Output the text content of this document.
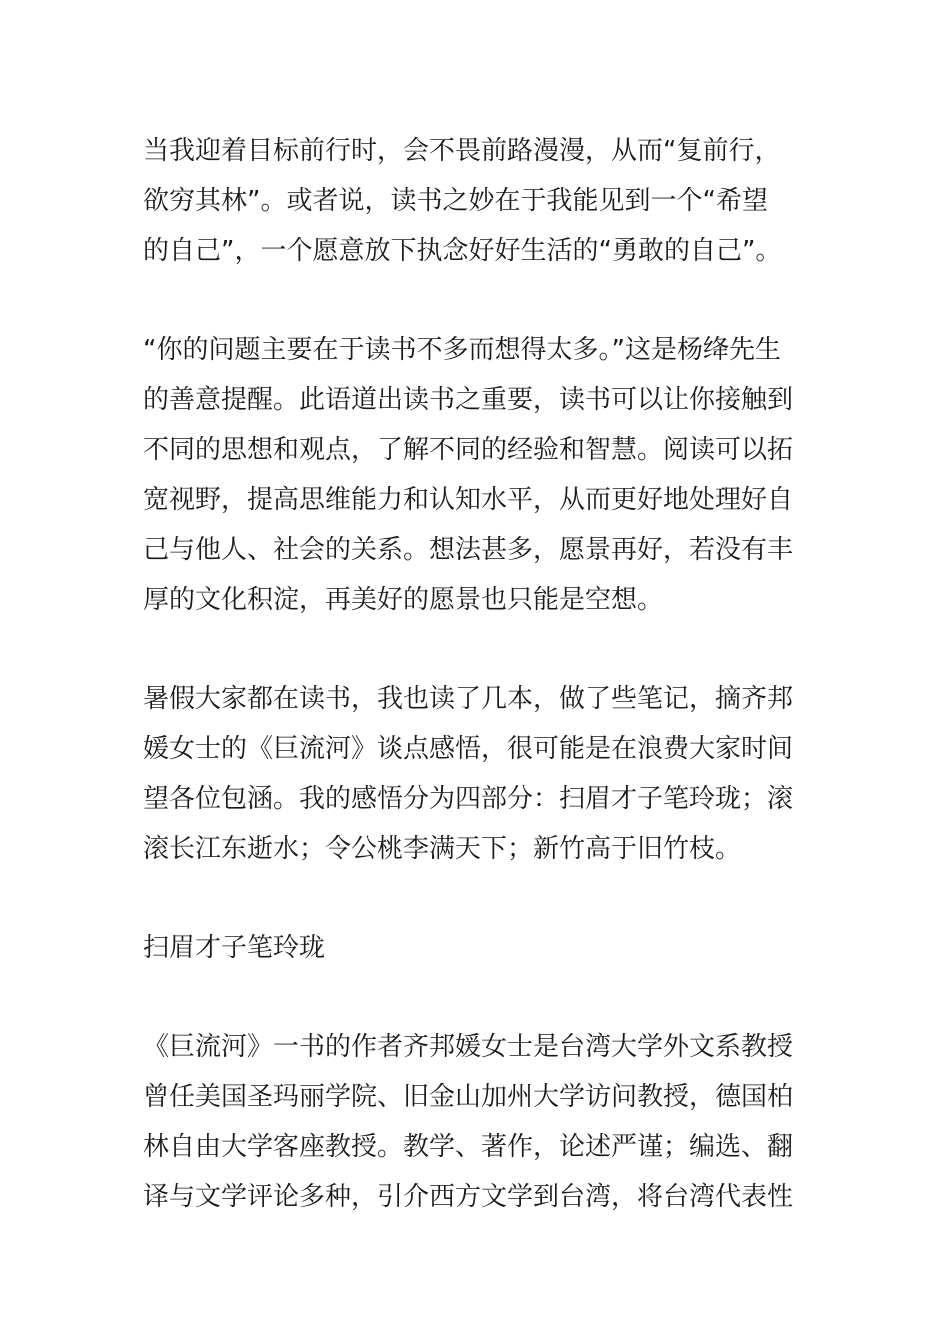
当我迎着目标前行时，会不畏前路漫漫，从而“复前行，
欲穷其林”。或者说，读书之妙在于我能见到一个“希望
的自己”，一个愿意放下执念好好生活的“勇敢的自己”。

“你的问题主要在于读书不多而想得太多。”这是杨绛先生
的善意提醒。此语道出读书之重要，读书可以让你接触到
不同的思想和观点，了解不同的经验和智慧。阅读可以拓
宽视野，提高思维能力和认知水平，从而更好地处理好自
己与他人、社会的关系。想法甚多，愿景再好，若没有丰
厚的文化积淀，再美好的愿景也只能是空想。

暑假大家都在读书，我也读了几本，做了些笔记，摘齐邦
媛女士的《巨流河》谈点感悟，很可能是在浪费大家时间
望各位包涵。我的感悟分为四部分：扫眉才子笔玲珑；滚
滚长江东逝水；令公桃李满天下；新竹高于旧竹枝。

扫眉才子笔玲珑

《巨流河》一书的作者齐邦媛女士是台湾大学外文系教授
曾任美国圣玛丽学院、旧金山加州大学访问教授，德国柏
林自由大学客座教授。教学、著作，论述严谨；编选、翻
译与文学评论多种，引介西方文学到台湾，将台湾代表性
